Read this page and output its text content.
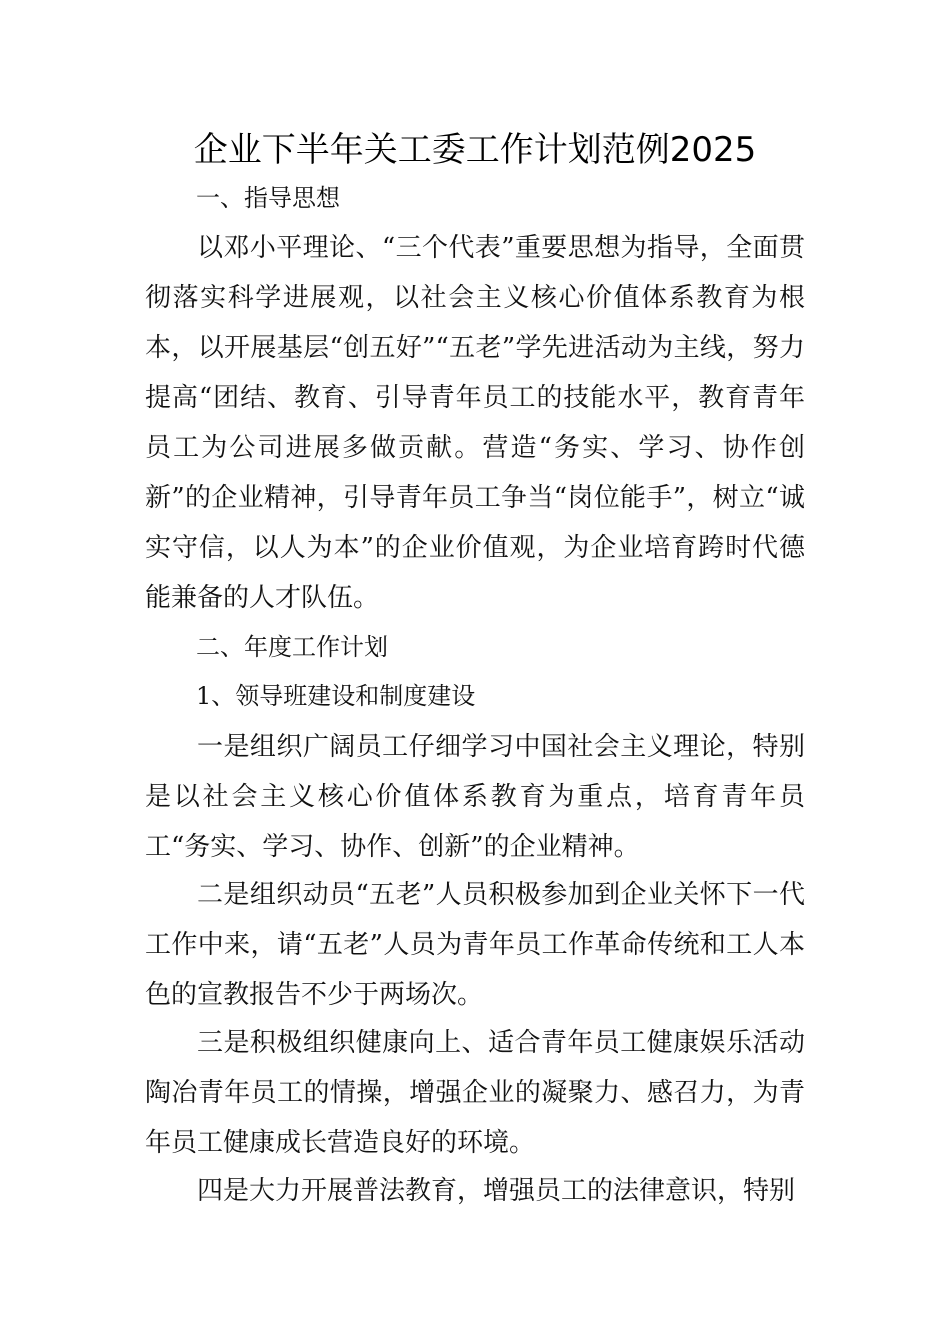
企业下半年关工委工作计划范例2025
一、指导思想
以邓小平理论、“三个代表”重要思想为指导，全面贯彻落实科学进展观，以社会主义核心价值体系教育为根本，以开展基层“创五好”“五老”学先进活动为主线，努力提高“团结、教育、引导青年员工的技能水平，教育青年员工为公司进展多做贡献。营造“务实、学习、协作创新”的企业精神，引导青年员工争当“岗位能手”，树立“诚实守信，以人为本”的企业价值观，为企业培育跨时代德能兼备的人才队伍。
二、年度工作计划
1、领导班建设和制度建设
一是组织广阔员工仔细学习中国社会主义理论，特别是以社会主义核心价值体系教育为重点，培育青年员工“务实、学习、协作、创新”的企业精神。
二是组织动员“五老”人员积极参加到企业关怀下一代工作中来，请“五老”人员为青年员工作革命传统和工人本色的宣教报告不少于两场次。
三是积极组织健康向上、适合青年员工健康娱乐活动陶冶青年员工的情操，增强企业的凝聚力、感召力，为青年员工健康成长营造良好的环境。
四是大力开展普法教育，增强员工的法律意识，特别
